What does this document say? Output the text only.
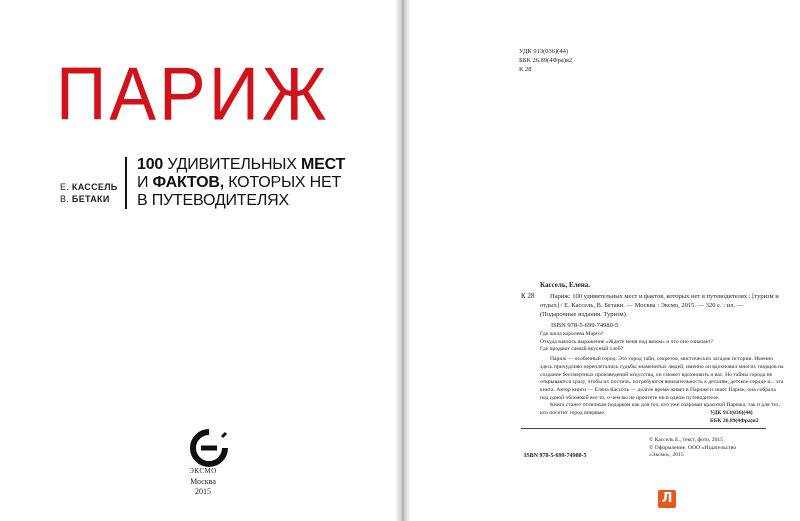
ПАРИЖ
Е. КАССЕЛЬ
В. БЕТАКИ
100 УДИВИТЕЛЬНЫХ МЕСТ
И ФАКТОВ, КОТОРЫХ НЕТ
В ПУТЕВОДИТЕЛЯХ
ЭКСМО
Москва
2015
УДК 913(036)(44)
ББК 26.89(4Фра)я2
К 28
Кассель, Елена.
К 28	Париж: 100 удивительных мест и фактов, которых нет в путеводителях : [туризм и отдых] / Е. Кассель, В. Бетаки. — Москва : Эксмо, 2015. — 320 с. : ил. — (Подарочные издания. Туризм).
ISBN 978-5-699-74980-5

Где жила королева Марго?

Откуда взялось выражение «Ждите меня под вязом» и что оно означает?

Где продают самый вкусный хлеб?

Париж — особенный город. Это город тайн, секретов, мистических загадок истории. Именно здесь причудливо переплетались судьбы знаменитых людей, именно он вдохновил многих творцов на создание бессмертных произведений искусства, он сможет вдохновить и вас. Но тайны города не открываются сразу, чтобы их постичь, потребуются внимательность к деталям, детское сердце и... эта книга. Автор книги — Елена Кассель — долгое время живет в Париже и знает Париж, она собрала под одной обложкой все то, о чем вы не прочтете ни в одном путеводителе.

Книга станет отличным подарком как для тех, кто уже очарован красотой Парижа, так и для тех, кто посетит город впервые.	УДК 913(036)(44)
ББК 26.89(4Фра)я2
ISBN 978-5-699-74980-5

© Кассель Е., текст, фото, 2015

© Оформление. ООО «Издательство

«Эксмо», 2015

Л
